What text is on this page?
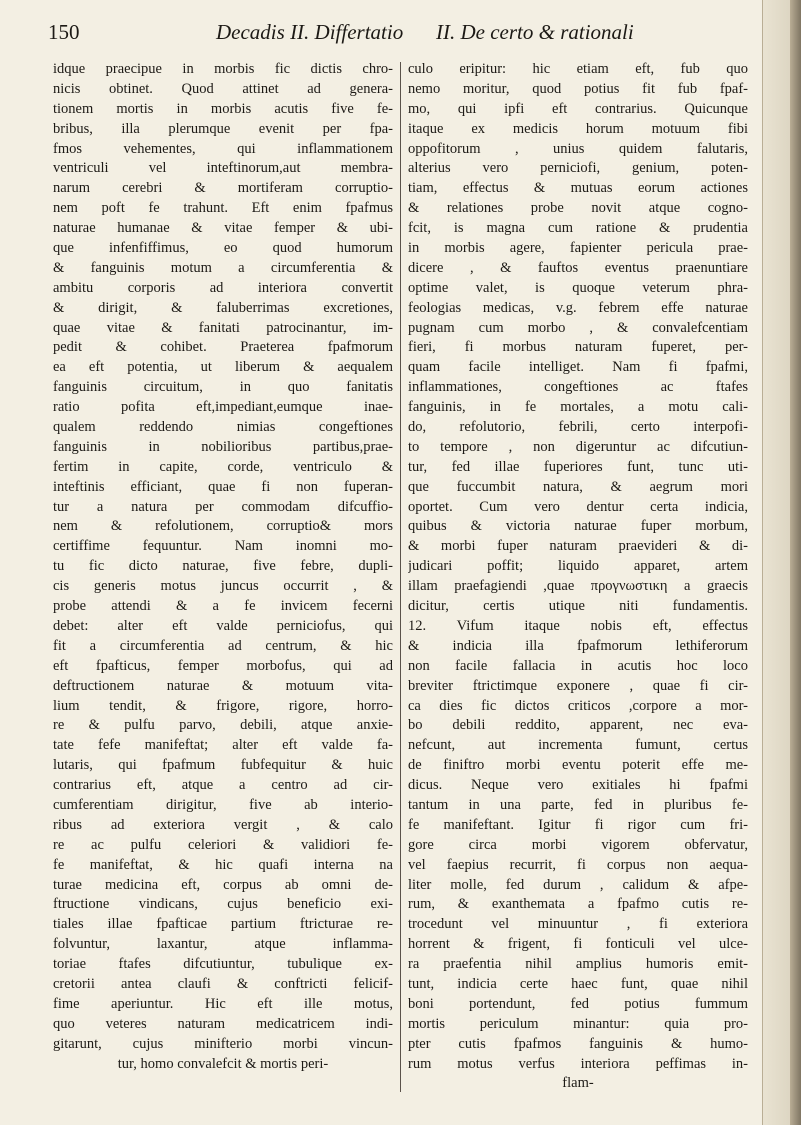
150	Decadis II. Differtatio II. De certo & rationali
idque praecipue in morbis fic dictis chro-
nicis obtinet. Quod attinet ad genera-
tionem mortis in morbis acutis five fe-
bribus, illa plerumque evenit per fpa-
fmos vehementes, qui inflammationem
ventriculi vel inteftinorum,aut membra-
narum cerebri & mortiferam corruptio-
nem poft fe trahunt. Eft enim fpafmus
naturae humanae & vitae femper & ubi-
que infenfiffimus, eo quod humorum
& fanguinis motum a circumferentia &
ambitu corporis ad interiora convertit
& dirigit, & faluberrimas excretiones,
quae vitae & fanitati patrocinantur, im-
pedit & cohibet. Praeterea fpafmorum
ea eft potentia, ut liberum & aequalem
fanguinis circuitum, in quo fanitatis
ratio pofita eft,impediant,eumque inae-
qualem reddendo nimias congeftiones
fanguinis in nobilioribus partibus,prae-
fertim in capite, corde, ventriculo &
inteftinis efficiant, quae fi non fuperan-
tur a natura per commodam difcuffio-
nem & refolutionem, corruptio& mors
certiffime fequuntur. Nam inomni mo-
tu fic dicto naturae, five febre, dupli-
cis generis motus juncus occurrit , &
probe attendi & a fe invicem fecerni
debet: alter eft valde perniciofus, qui
fit a circumferentia ad centrum, & hic
eft fpafticus, femper morbofus, qui ad
deftructionem naturae & motuum vita-
lium tendit, & frigore, rigore, horro-
re & pulfu parvo, debili, atque anxie-
tate fefe manifeftat; alter eft valde fa-
lutaris, qui fpafmum fubfequitur & huic
contrarius eft, atque a centro ad cir-
cumferentiam dirigitur, five ab interio-
ribus ad exteriora vergit , & calo
re ac pulfu celeriori & validiori fe-
fe manifeftat, & hic quafi interna na
turae medicina eft, corpus ab omni de-
ftructione vindicans, cujus beneficio exi-
tiales illae fpafticae partium ftricturae re-
folvuntur, laxantur, atque inflamma-
toriae ftafes difcutiuntur, tubulique ex-
cretorii antea claufi & conftricti felicif-
fime aperiuntur. Hic eft ille motus,
quo veteres naturam medicatricem indi-
gitarunt, cujus minifterio morbi vincun-
tur, homo convalefcit & mortis peri-
culo eripitur: hic etiam eft, fub quo
nemo moritur, quod potius fit fub fpaf-
mo, qui ipfi eft contrarius. Quicunque
itaque ex medicis horum motuum fibi
oppofitorum , unius quidem falutaris,
alterius vero perniciofi, genium, poten-
tiam, effectus & mutuas eorum actiones
& relationes probe novit atque cogno-
fcit, is magna cum ratione & prudentia
in morbis agere, fapienter pericula prae-
dicere , & fauftos eventus praenuntiare
optime valet, is quoque veterum phra-
feologias medicas, v.g. febrem effe naturae
pugnam cum morbo , & convalefcentiam
fieri, fi morbus naturam fuperet, per-
quam facile intelliget. Nam fi fpafmi,
inflammationes, congeftiones ac ftafes
fanguinis, in fe mortales, a motu cali-
do, refolutorio, febrili, certo interpofi-
to tempore , non digeruntur ac difcutiun-
tur, fed illae fuperiores funt, tunc uti-
que fuccumbit natura, & aegrum mori
oportet. Cum vero dentur certa indicia,
quibus & victoria naturae fuper morbum,
& morbi fuper naturam praevideri & di-
judicari poffit; liquido apparet, artem
illam praefagiendi ,quae προγνωστικη a graecis
dicitur, certis utique niti fundamentis.
12. Vifum itaque nobis eft, effectus
& indicia illa fpafmorum lethiferorum
non facile fallacia in acutis hoc loco
breviter ftrictimque exponere , quae fi cir-
ca dies fic dictos criticos ,corpore a mor-
bo debili reddito, apparent, nec eva-
nefcunt, aut incrementa fumunt, certus
de finiftro morbi eventu poterit effe me-
dicus. Neque vero exitiales hi fpafmi
tantum in una parte, fed in pluribus fe-
fe manifeftant. Igitur fi rigor cum fri-
gore circa morbi vigorem obfervatur,
vel faepius recurrit, fi corpus non aequa-
liter molle, fed durum , calidum & afpe-
rum, & exanthemata a fpafmo cutis re-
trocedunt vel minuuntur , fi exteriora
horrent & frigent, fi fonticuli vel ulce-
ra praefentia nihil amplius humoris emit-
tunt, indicia certe haec funt, quae nihil
boni portendunt, fed potius fummum
mortis periculum minantur: quia pro-
pter cutis fpafmos fanguinis & humo-
rum motus verfus interiora peffimas in-
flam-
